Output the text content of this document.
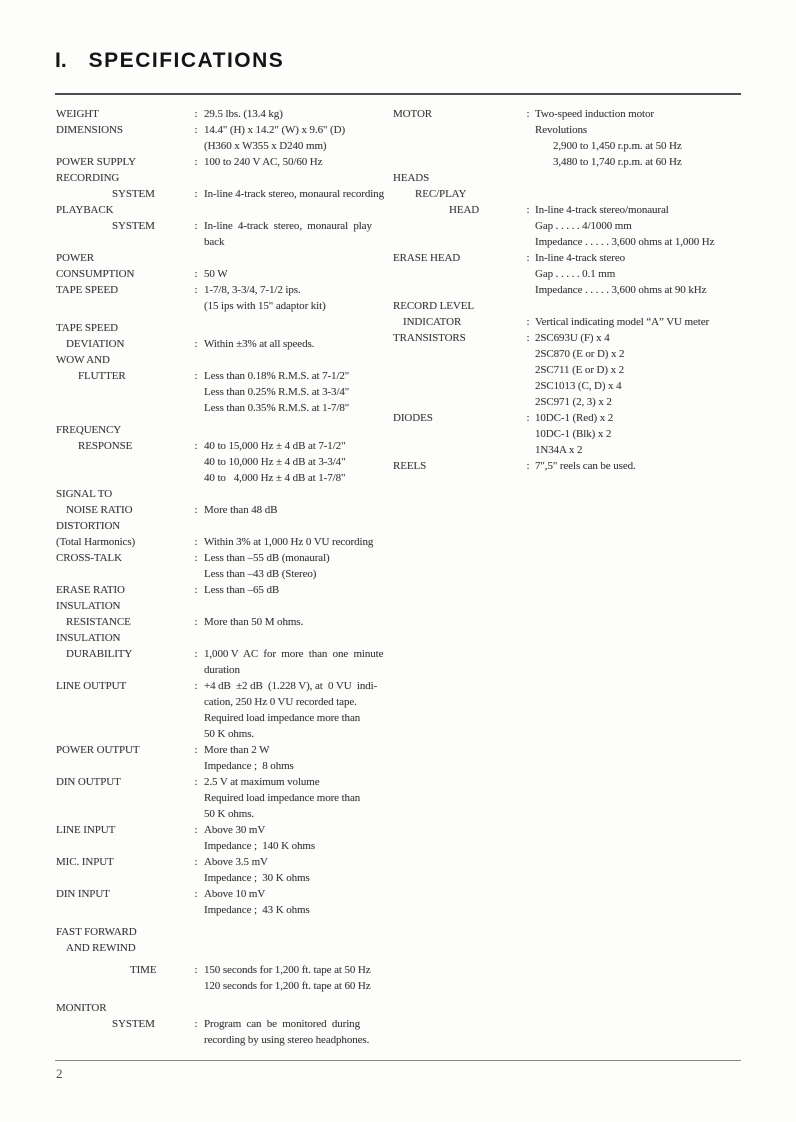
I. SPECIFICATIONS
WEIGHT	: 29.5 lbs. (13.4 kg)
DIMENSIONS	: 14.4" (H) x 14.2" (W) x 9.6" (D)
(H360 x W355 x D240 mm)
POWER SUPPLY	: 100 to 240 V AC, 50/60 Hz
RECORDING
SYSTEM	: In-line 4-track stereo, monaural recording
PLAYBACK
SYSTEM	: In-line  4-track  stereo,  monaural  play
back
POWER
CONSUMPTION	: 50 W
TAPE SPEED	: 1-7/8, 3-3/4, 7-1/2 ips.
(15 ips with 15" adaptor kit)
TAPE SPEED
DEVIATION	: Within ±3% at all speeds.
WOW AND
FLUTTER	: Less than 0.18% R.M.S. at 7-1/2"
Less than 0.25% R.M.S. at 3-3/4"
Less than 0.35% R.M.S. at 1-7/8"
FREQUENCY
RESPONSE	: 40 to 15,000 Hz ± 4 dB at 7-1/2"
40 to 10,000 Hz ± 4 dB at 3-3/4"
40 to   4,000 Hz ± 4 dB at 1-7/8"
SIGNAL TO
NOISE RATIO	: More than 48 dB
DISTORTION
(Total Harmonics)	: Within 3% at 1,000 Hz 0 VU recording
CROSS-TALK	: Less than –55 dB (monaural)
Less than –43 dB (Stereo)
ERASE RATIO	: Less than –65 dB
INSULATION
RESISTANCE	: More than 50 M ohms.
INSULATION
DURABILITY	: 1,000 V  AC  for  more  than  one  minute
duration
LINE OUTPUT	: +4 dB  ±2 dB  (1.228 V), at  0 VU  indi-
cation, 250 Hz 0 VU recorded tape.
Required load impedance more than
50 K ohms.
POWER OUTPUT	: More than 2 W
Impedance ;  8 ohms
DIN OUTPUT	: 2.5 V at maximum volume
Required load impedance more than
50 K ohms.
LINE INPUT	: Above 30 mV
Impedance ;  140 K ohms
MIC. INPUT	: Above 3.5 mV
Impedance ;  30 K ohms
DIN INPUT	: Above 10 mV
Impedance ;  43 K ohms
FAST FORWARD
AND REWIND
TIME	: 150 seconds for 1,200 ft. tape at 50 Hz
120 seconds for 1,200 ft. tape at 60 Hz
MONITOR
SYSTEM	: Program  can  be  monitored  during
recording by using stereo headphones.
MOTOR	: Two-speed induction motor
Revolutions
2,900 to 1,450 r.p.m. at 50 Hz
3,480 to 1,740 r.p.m. at 60 Hz
HEADS
REC/PLAY
HEAD	: In-line 4-track stereo/monaural
Gap . . . . . 4/1000 mm
Impedance . . . . . 3,600 ohms at 1,000 Hz
ERASE HEAD	: In-line 4-track stereo
Gap . . . . . 0.1 mm
Impedance . . . . . 3,600 ohms at 90 kHz
RECORD LEVEL
INDICATOR	: Vertical indicating model “A” VU meter
TRANSISTORS	: 2SC693U (F) x 4
2SC870 (E or D) x 2
2SC711 (E or D) x 2
2SC1013 (C, D) x 4
2SC971 (2, 3) x 2
DIODES	: 10DC-1 (Red) x 2
10DC-1 (Blk) x 2
1N34A x 2
REELS	: 7",5" reels can be used.
2
